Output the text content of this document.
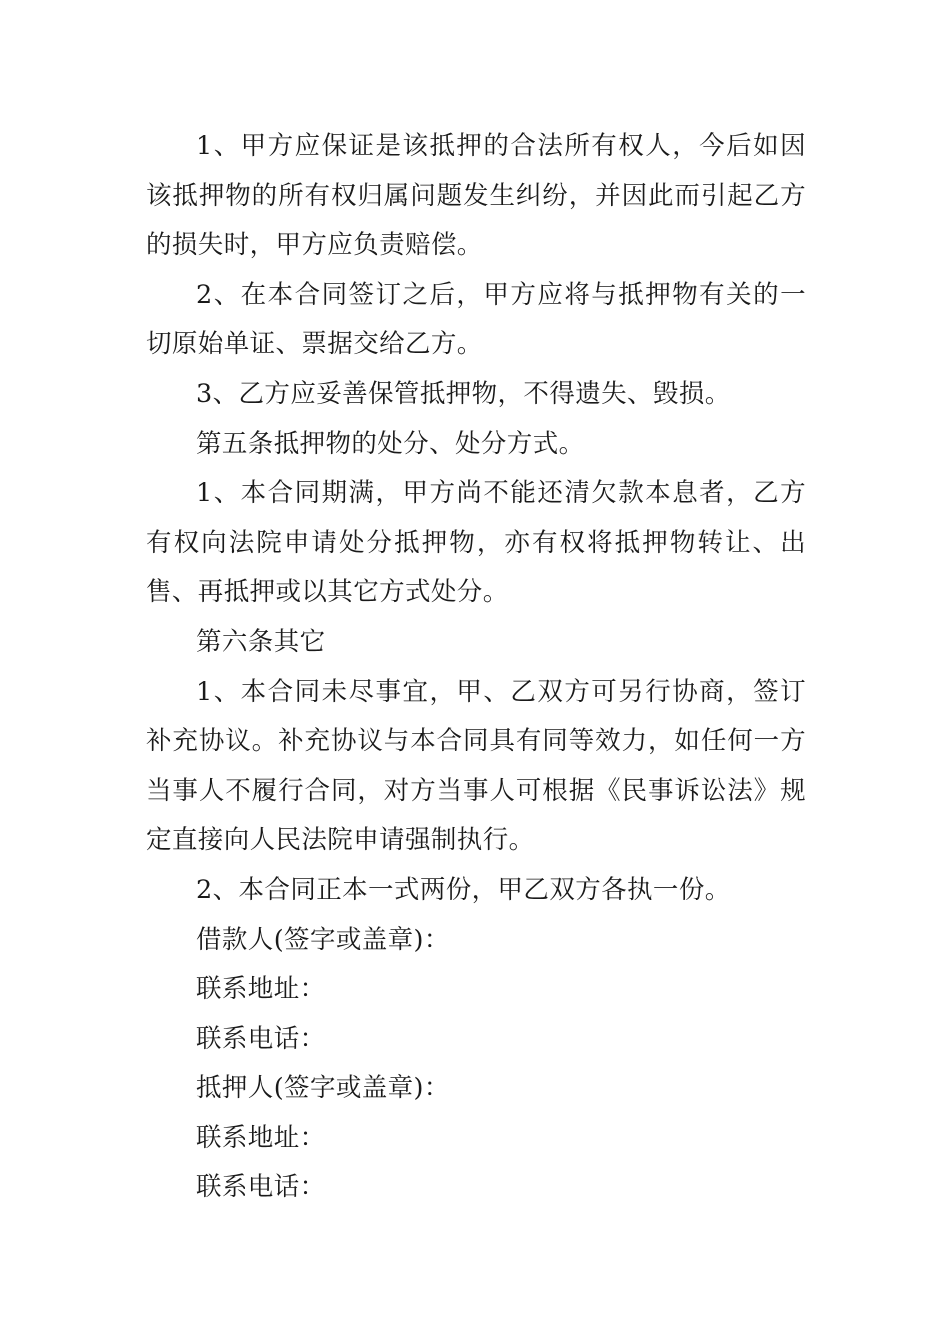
1、甲方应保证是该抵押的合法所有权人，今后如因该抵押物的所有权归属问题发生纠纷，并因此而引起乙方的损失时，甲方应负责赔偿。

2、在本合同签订之后，甲方应将与抵押物有关的一切原始单证、票据交给乙方。

3、乙方应妥善保管抵押物，不得遗失、毁损。

第五条抵押物的处分、处分方式。

1、本合同期满，甲方尚不能还清欠款本息者，乙方有权向法院申请处分抵押物，亦有权将抵押物转让、出售、再抵押或以其它方式处分。

第六条其它

1、本合同未尽事宜，甲、乙双方可另行协商，签订补充协议。补充协议与本合同具有同等效力，如任何一方当事人不履行合同，对方当事人可根据《民事诉讼法》规定直接向人民法院申请强制执行。

2、本合同正本一式两份，甲乙双方各执一份。

借款人(签字或盖章)：

联系地址：

联系电话：

抵押人(签字或盖章)：

联系地址：

联系电话：
